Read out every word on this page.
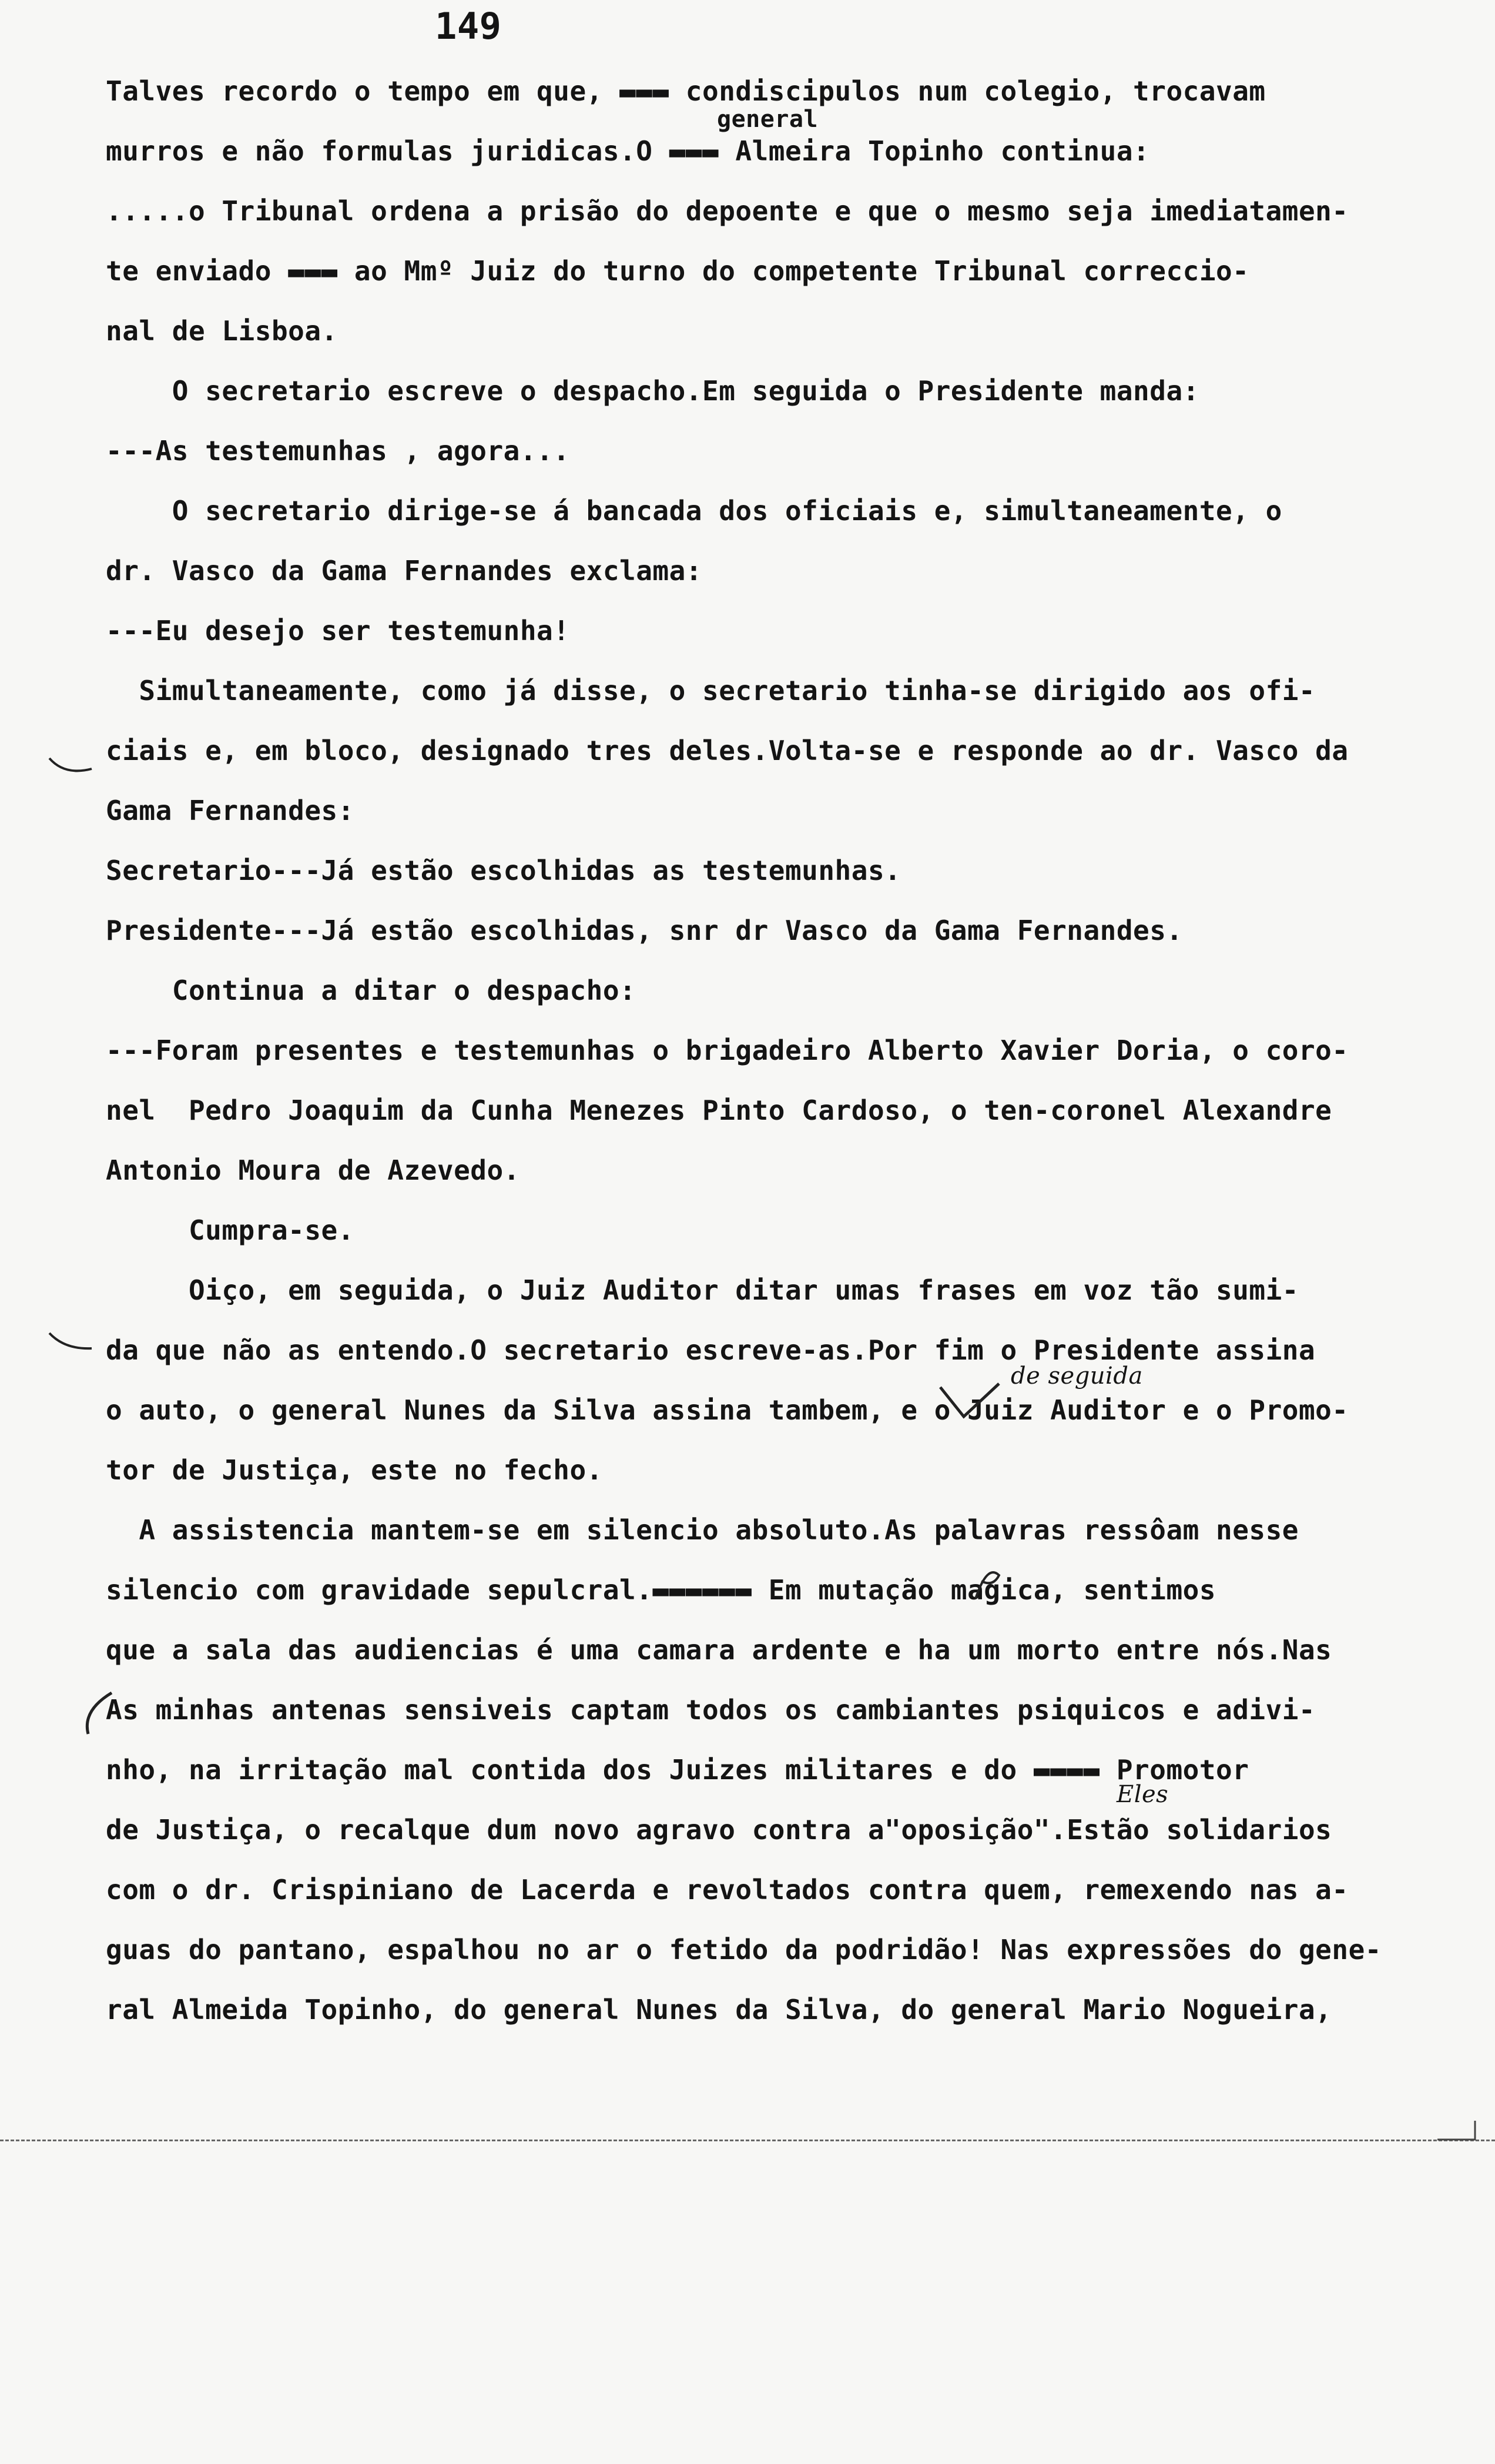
149
Talves recordo o tempo em que, ▬▬▬ condiscipulos num colegio, trocavam
general
murros e não formulas juridicas.O ▬▬▬ Almeira Topinho continua:
.....o Tribunal ordena a prisão do depoente e que o mesmo seja imediatamen-
te enviado ▬▬▬ ao Mmº Juiz do turno do competente Tribunal correccio-
nal de Lisboa.
O secretario escreve o despacho.Em seguida o Presidente manda:
---As testemunhas , agora...
O secretario dirige-se á bancada dos oficiais e, simultaneamente, o
dr. Vasco da Gama Fernandes exclama:
---Eu desejo ser testemunha!
Simultaneamente, como já disse, o secretario tinha-se dirigido aos ofi-
ciais e, em bloco, designado tres deles.Volta-se e responde ao dr. Vasco da
Gama Fernandes:
Secretario---Já estão escolhidas as testemunhas.
Presidente---Já estão escolhidas, snr dr Vasco da Gama Fernandes.
Continua a ditar o despacho:
---Foram presentes e testemunhas o brigadeiro Alberto Xavier Doria, o coro-
nel  Pedro Joaquim da Cunha Menezes Pinto Cardoso, o ten-coronel Alexandre
Antonio Moura de Azevedo.
Cumpra-se.
Oiço, em seguida, o Juiz Auditor ditar umas frases em voz tão sumi-
da que não as entendo.O secretario escreve-as.Por fim o Presidente assina
de seguida
o auto, o general Nunes da Silva assina tambem, e o Juiz Auditor e o Promo-
tor de Justiça, este no fecho.
A assistencia mantem-se em silencio absoluto.As palavras ressôam nesse
silencio com gravidade sepulcral.▬▬▬▬▬▬ Em mutação magica, sentimos
que a sala das audiencias é uma camara ardente e ha um morto entre nós.Nas
As minhas antenas sensiveis captam todos os cambiantes psiquicos e adivi-
nho, na irritação mal contida dos Juizes militares e do ▬▬▬▬ Promotor
Eles
de Justiça, o recalque dum novo agravo contra a"oposição".Estão solidarios
com o dr. Crispiniano de Lacerda e revoltados contra quem, remexendo nas a-
guas do pantano, espalhou no ar o fetido da podridão! Nas expressões do gene-
ral Almeida Topinho, do general Nunes da Silva, do general Mario Nogueira,
